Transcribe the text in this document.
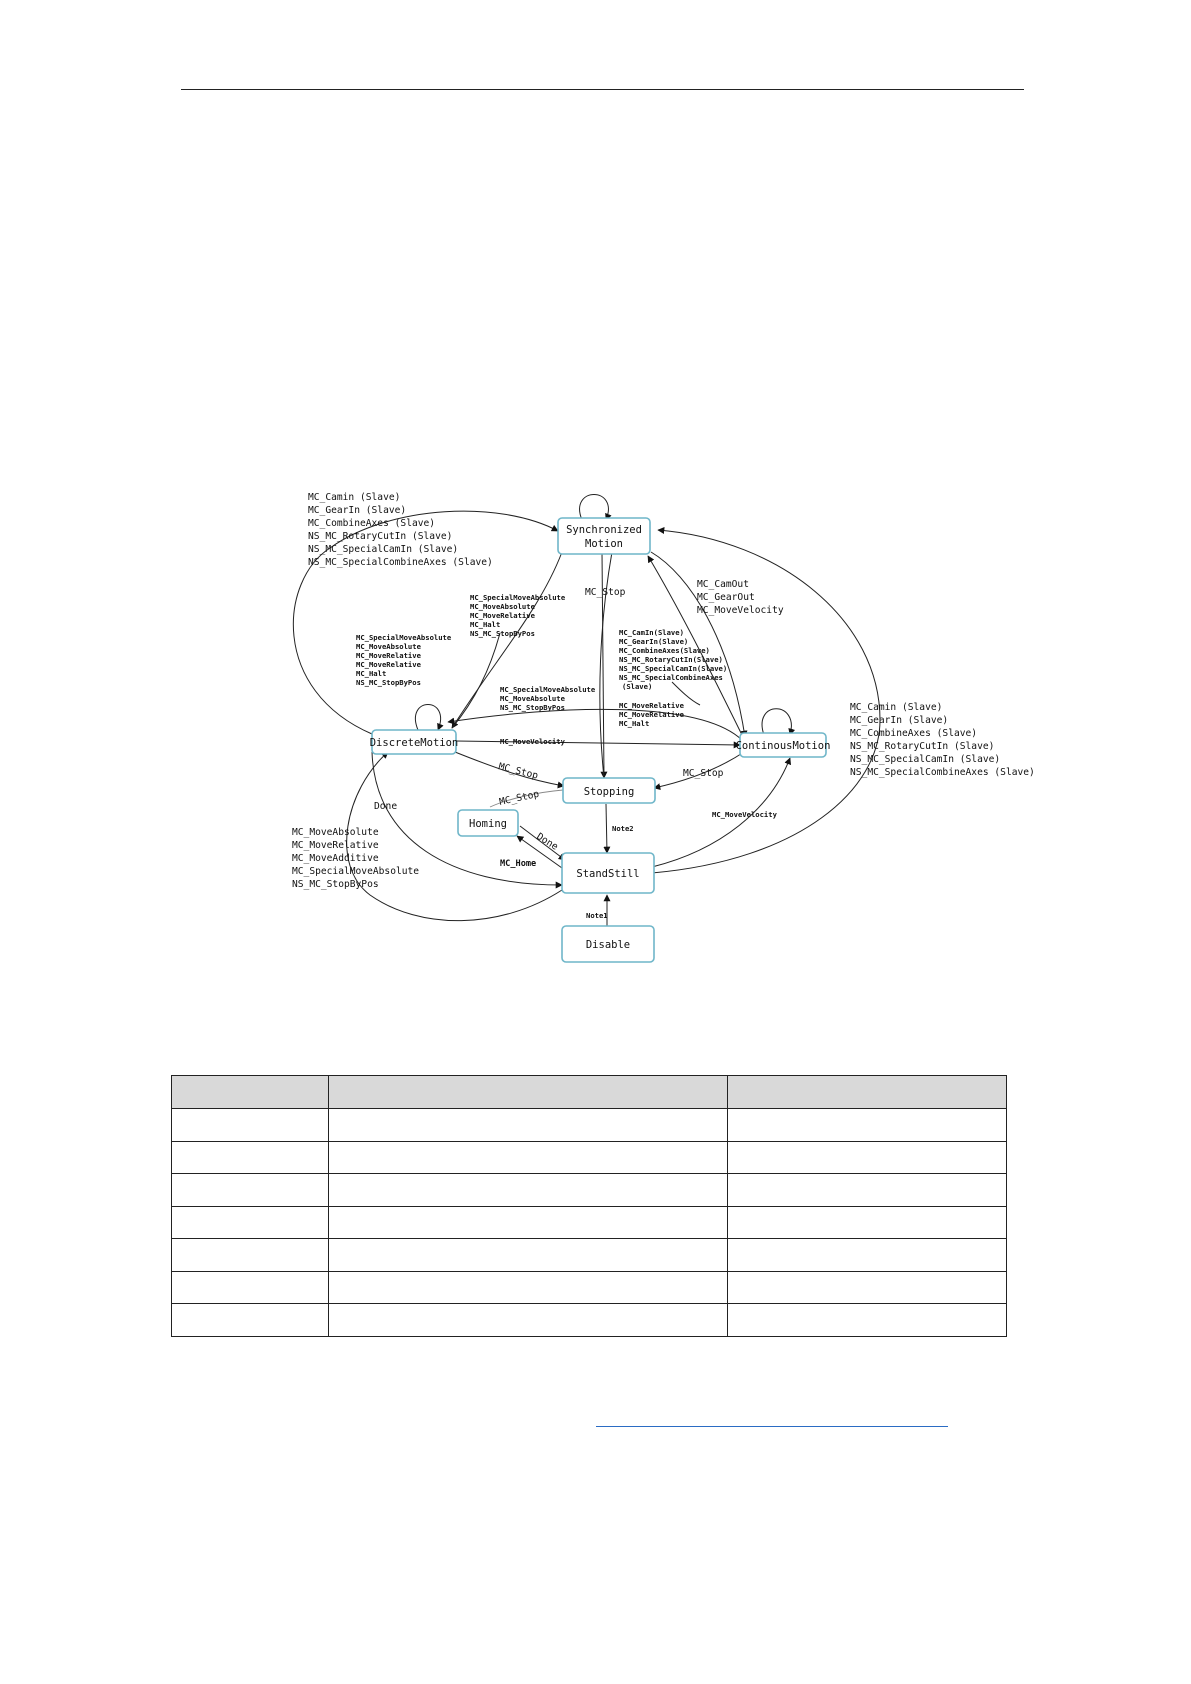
Synchronized
Motion
DiscreteMotion	ContinousMotion
Stopping
Homing
StandStill
Disable
MC_Camin (Slave)
MC_GearIn (Slave)
MC_CombineAxes (Slave)
NS_MC_RotaryCutIn (Slave)
NS_MC_SpecialCamIn (Slave)
NS_MC_SpecialCombineAxes (Slave)
MC_SpecialMoveAbsolute
MC_MoveAbsolute
MC_MoveRelative
MC_Halt
NS_MC_StopByPos
MC_SpecialMoveAbsolute
MC_MoveAbsolute
MC_MoveRelative
MC_MoveRelative
MC_Halt
NS_MC_StopByPos
MC_Stop
MC_CamIn(Slave)
MC_GearIn(Slave)
MC_CombineAxes(Slave)
NS_MC_RotaryCutIn(Slave)
NS_MC_SpecialCamIn(Slave)
NS_MC_SpecialCombineAxes
(Slave)
MC_CamOut
MC_GearOut
MC_MoveVelocity
MC_SpecialMoveAbsolute
MC_MoveAbsolute
NS_MC_StopByPos	MC_MoveRelative
MC_MoveRelative
MC_Halt
MC_MoveVelocity
MC_Camin (Slave)
MC_GearIn (Slave)
MC_CombineAxes (Slave)
NS_MC_RotaryCutIn (Slave)
NS_MC_SpecialCamIn (Slave)
NS_MC_SpecialCombineAxes (Slave)
MC_Stop	MC_Stop
MC_Stop
Done
Done
MC_Home
Note2
Note1
MC_MoveVelocity
MC_MoveAbsolute
MC_MoveRelative
MC_MoveAdditive
MC_SpecialMoveAbsolute
NS_MC_StopByPos
